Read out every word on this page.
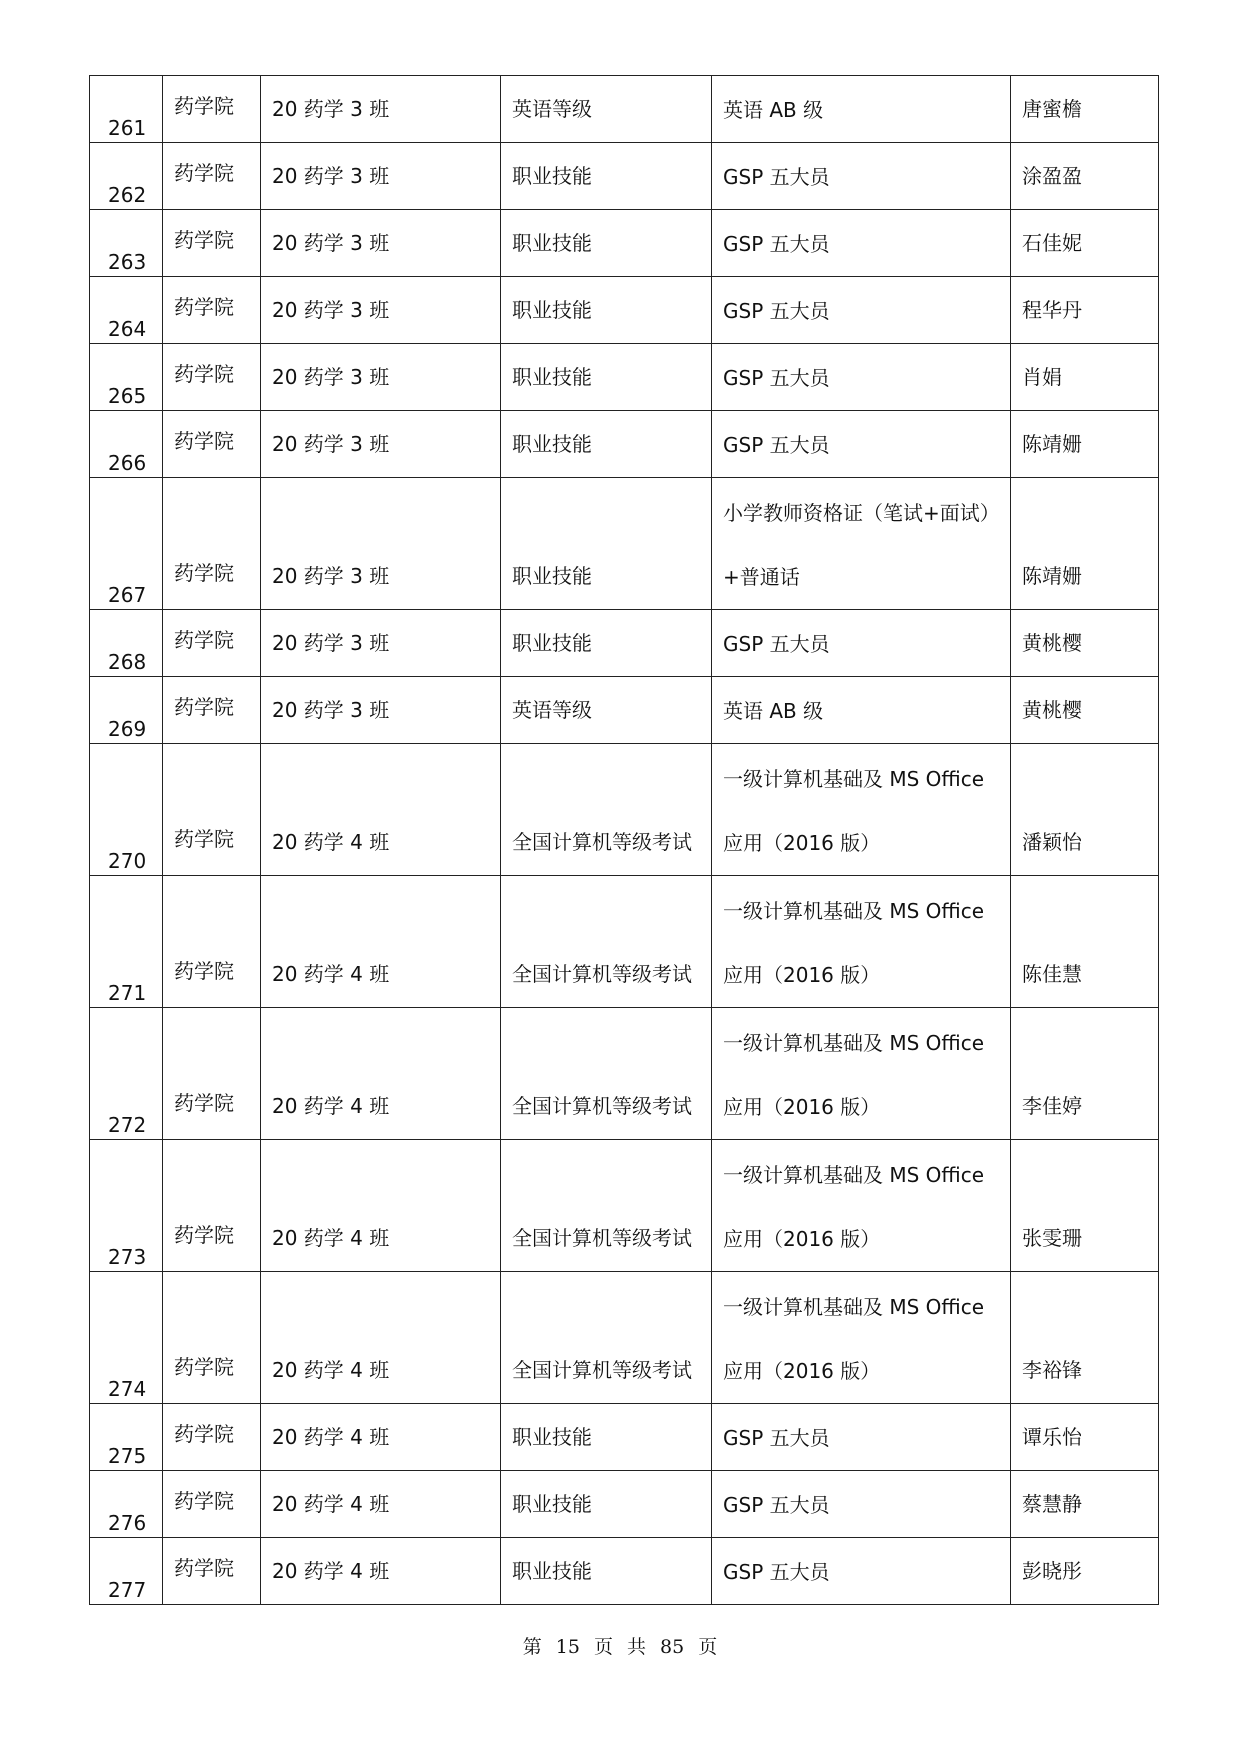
261	药学院	20 药学 3 班	英语等级	英语 AB 级	唐蜜檐

262	药学院	20 药学 3 班	职业技能	GSP 五大员	涂盈盈

263	药学院	20 药学 3 班	职业技能	GSP 五大员	石佳妮

264	药学院	20 药学 3 班	职业技能	GSP 五大员	程华丹

265	药学院	20 药学 3 班	职业技能	GSP 五大员	肖娟

266	药学院	20 药学 3 班	职业技能	GSP 五大员	陈靖姗

267	药学院	20 药学 3 班	职业技能	小学教师资格证（笔试+面试）
+普通话	陈靖姗

268	药学院	20 药学 3 班	职业技能	GSP 五大员	黄桃樱

269	药学院	20 药学 3 班	英语等级	英语 AB 级	黄桃樱

270	药学院	20 药学 4 班	全国计算机等级考试	一级计算机基础及 MS Office
应用（2016 版）	潘颖怡

271	药学院	20 药学 4 班	全国计算机等级考试	一级计算机基础及 MS Office
应用（2016 版）	陈佳慧

272	药学院	20 药学 4 班	全国计算机等级考试	一级计算机基础及 MS Office
应用（2016 版）	李佳婷

273	药学院	20 药学 4 班	全国计算机等级考试	一级计算机基础及 MS Office
应用（2016 版）	张雯珊

274	药学院	20 药学 4 班	全国计算机等级考试	一级计算机基础及 MS Office
应用（2016 版）	李裕锋

275	药学院	20 药学 4 班	职业技能	GSP 五大员	谭乐怡

276	药学院	20 药学 4 班	职业技能	GSP 五大员	蔡慧静

277	药学院	20 药学 4 班	职业技能	GSP 五大员	彭晓彤
第 15 页 共 85 页
